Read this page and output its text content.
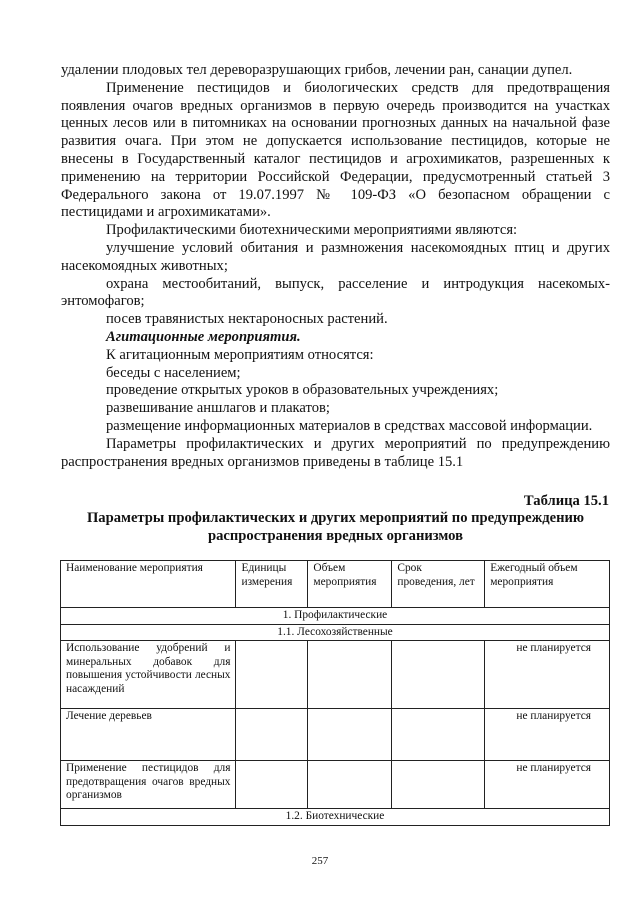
удалении плодовых тел дереворазрушающих грибов, лечении ран, санации дупел.

Применение пестицидов и биологических средств для предотвращения появления очагов вредных организмов в первую очередь производится на участках ценных лесов или в питомниках на основании прогнозных данных на начальной фазе развития очага. При этом не допускается использование пестицидов, которые не внесены в Государственный каталог пестицидов и агрохимикатов, разрешенных к применению на территории Российской Федерации, предусмотренный статьей 3 Федерального закона от 19.07.1997 № 109-ФЗ «О безопасном обращении с пестицидами и агрохимикатами».

Профилактическими биотехническими мероприятиями являются:

улучшение условий обитания и размножения насекомоядных птиц и других насекомоядных животных;

охрана местообитаний, выпуск, расселение и интродукция насекомых-энтомофагов;

посев травянистых нектароносных растений.

Агитационные мероприятия.

К агитационным мероприятиям относятся:

беседы с населением;

проведение открытых уроков в образовательных учреждениях;

развешивание аншлагов и плакатов;

размещение информационных материалов в средствах массовой информации.

Параметры профилактических и других мероприятий по предупреждению распространения вредных организмов приведены в таблице 15.1

Таблица 15.1
Параметры профилактических и других мероприятий по предупреждению распространения вредных организмов
Наименование мероприятия	Единицы измерения	Объем мероприятия	Срок проведения, лет	Ежегодный объем мероприятия
1. Профилактические				
1.1. Лесохозяйственные				
Использование удобрений и минеральных добавок для повышения устойчивости лесных насаждений				не планируется
Лечение деревьев				не планируется
Применение пестицидов для предотвращения очагов вредных организмов				не планируется
1.2. Биотехнические				
257
